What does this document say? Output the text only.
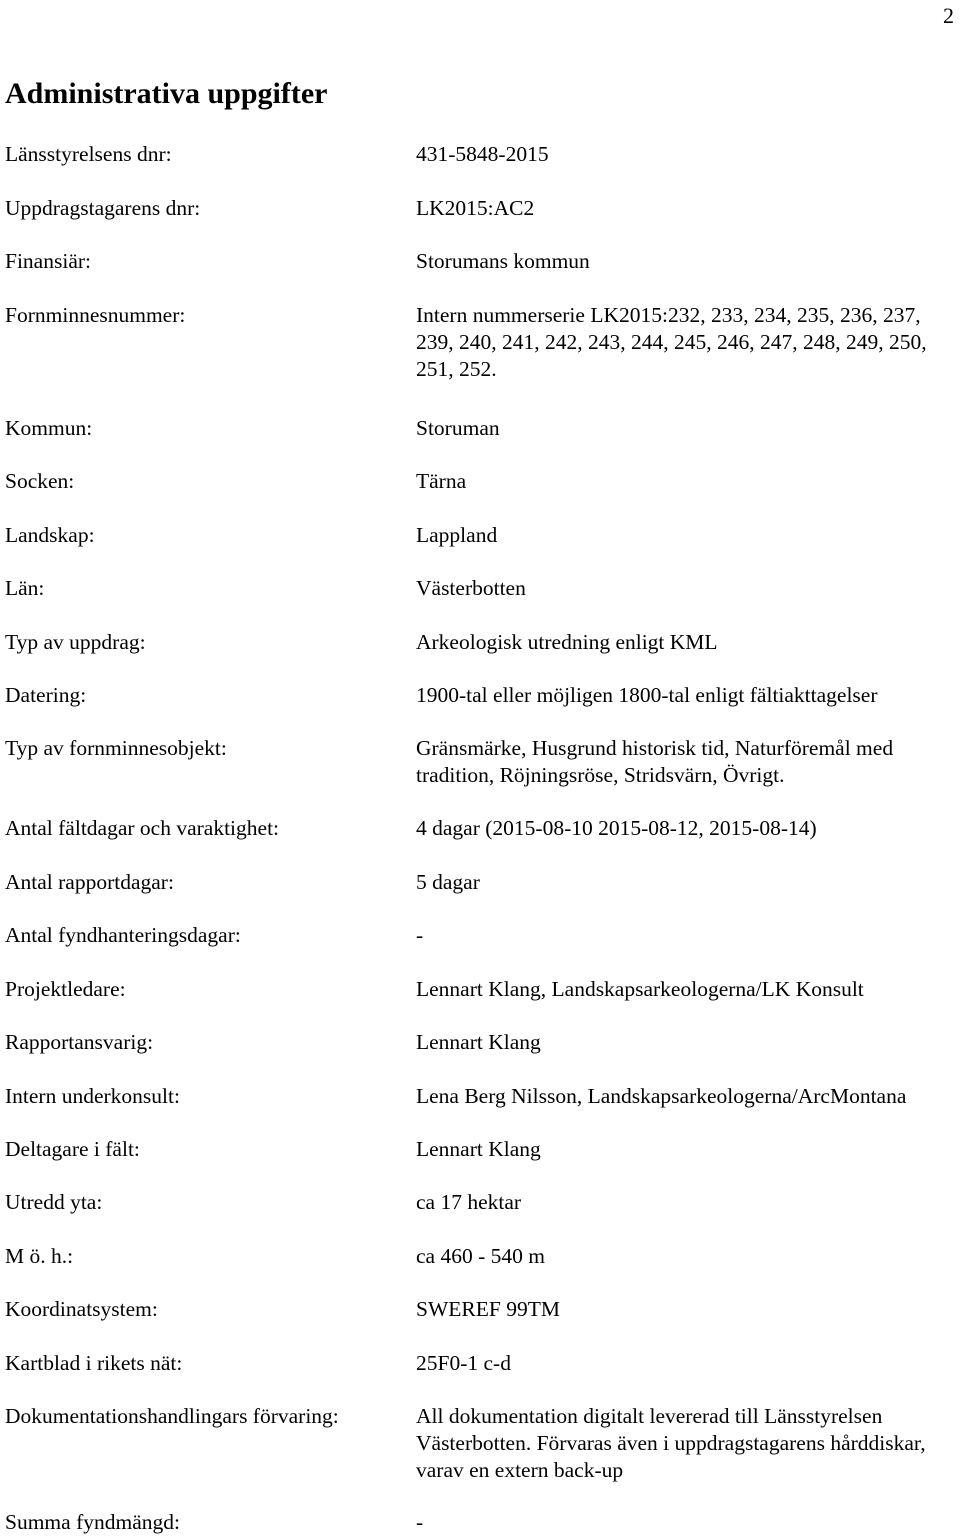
2
Administrativa uppgifter
Länsstyrelsens dnr:	431-5848-2015
Uppdragstagarens dnr:	LK2015:AC2
Finansiär:	Storumans kommun
Fornminnesnummer:	Intern nummerserie LK2015:232, 233, 234, 235, 236, 237, 239, 240, 241, 242, 243, 244, 245, 246, 247, 248, 249, 250, 251, 252.
Kommun:	Storuman
Socken:	Tärna
Landskap:	Lappland
Län:	Västerbotten
Typ av uppdrag:	Arkeologisk utredning enligt KML
Datering:	1900-tal eller möjligen 1800-tal enligt fältiakttagelser
Typ av fornminnesobjekt:	Gränsmärke, Husgrund historisk tid, Naturföremål med tradition, Röjningsröse, Stridsvärn, Övrigt.
Antal fältdagar och varaktighet:	4 dagar (2015-08-10 2015-08-12, 2015-08-14)
Antal rapportdagar:	5 dagar
Antal fyndhanteringsdagar:	-
Projektledare:	Lennart Klang, Landskapsarkeologerna/LK Konsult
Rapportansvarig:	Lennart Klang
Intern underkonsult:	Lena Berg Nilsson, Landskapsarkeologerna/ArcMontana
Deltagare i fält:	Lennart Klang
Utredd yta:	ca 17 hektar
M ö. h.:	ca 460 - 540 m
Koordinatsystem:	SWEREF 99TM
Kartblad i rikets nät:	25F0-1 c-d
Dokumentationshandlingars förvaring:	All dokumentation digitalt levererad till Länsstyrelsen Västerbotten. Förvaras även i uppdragstagarens hårddiskar, varav en extern back-up
Summa fyndmängd:	-
